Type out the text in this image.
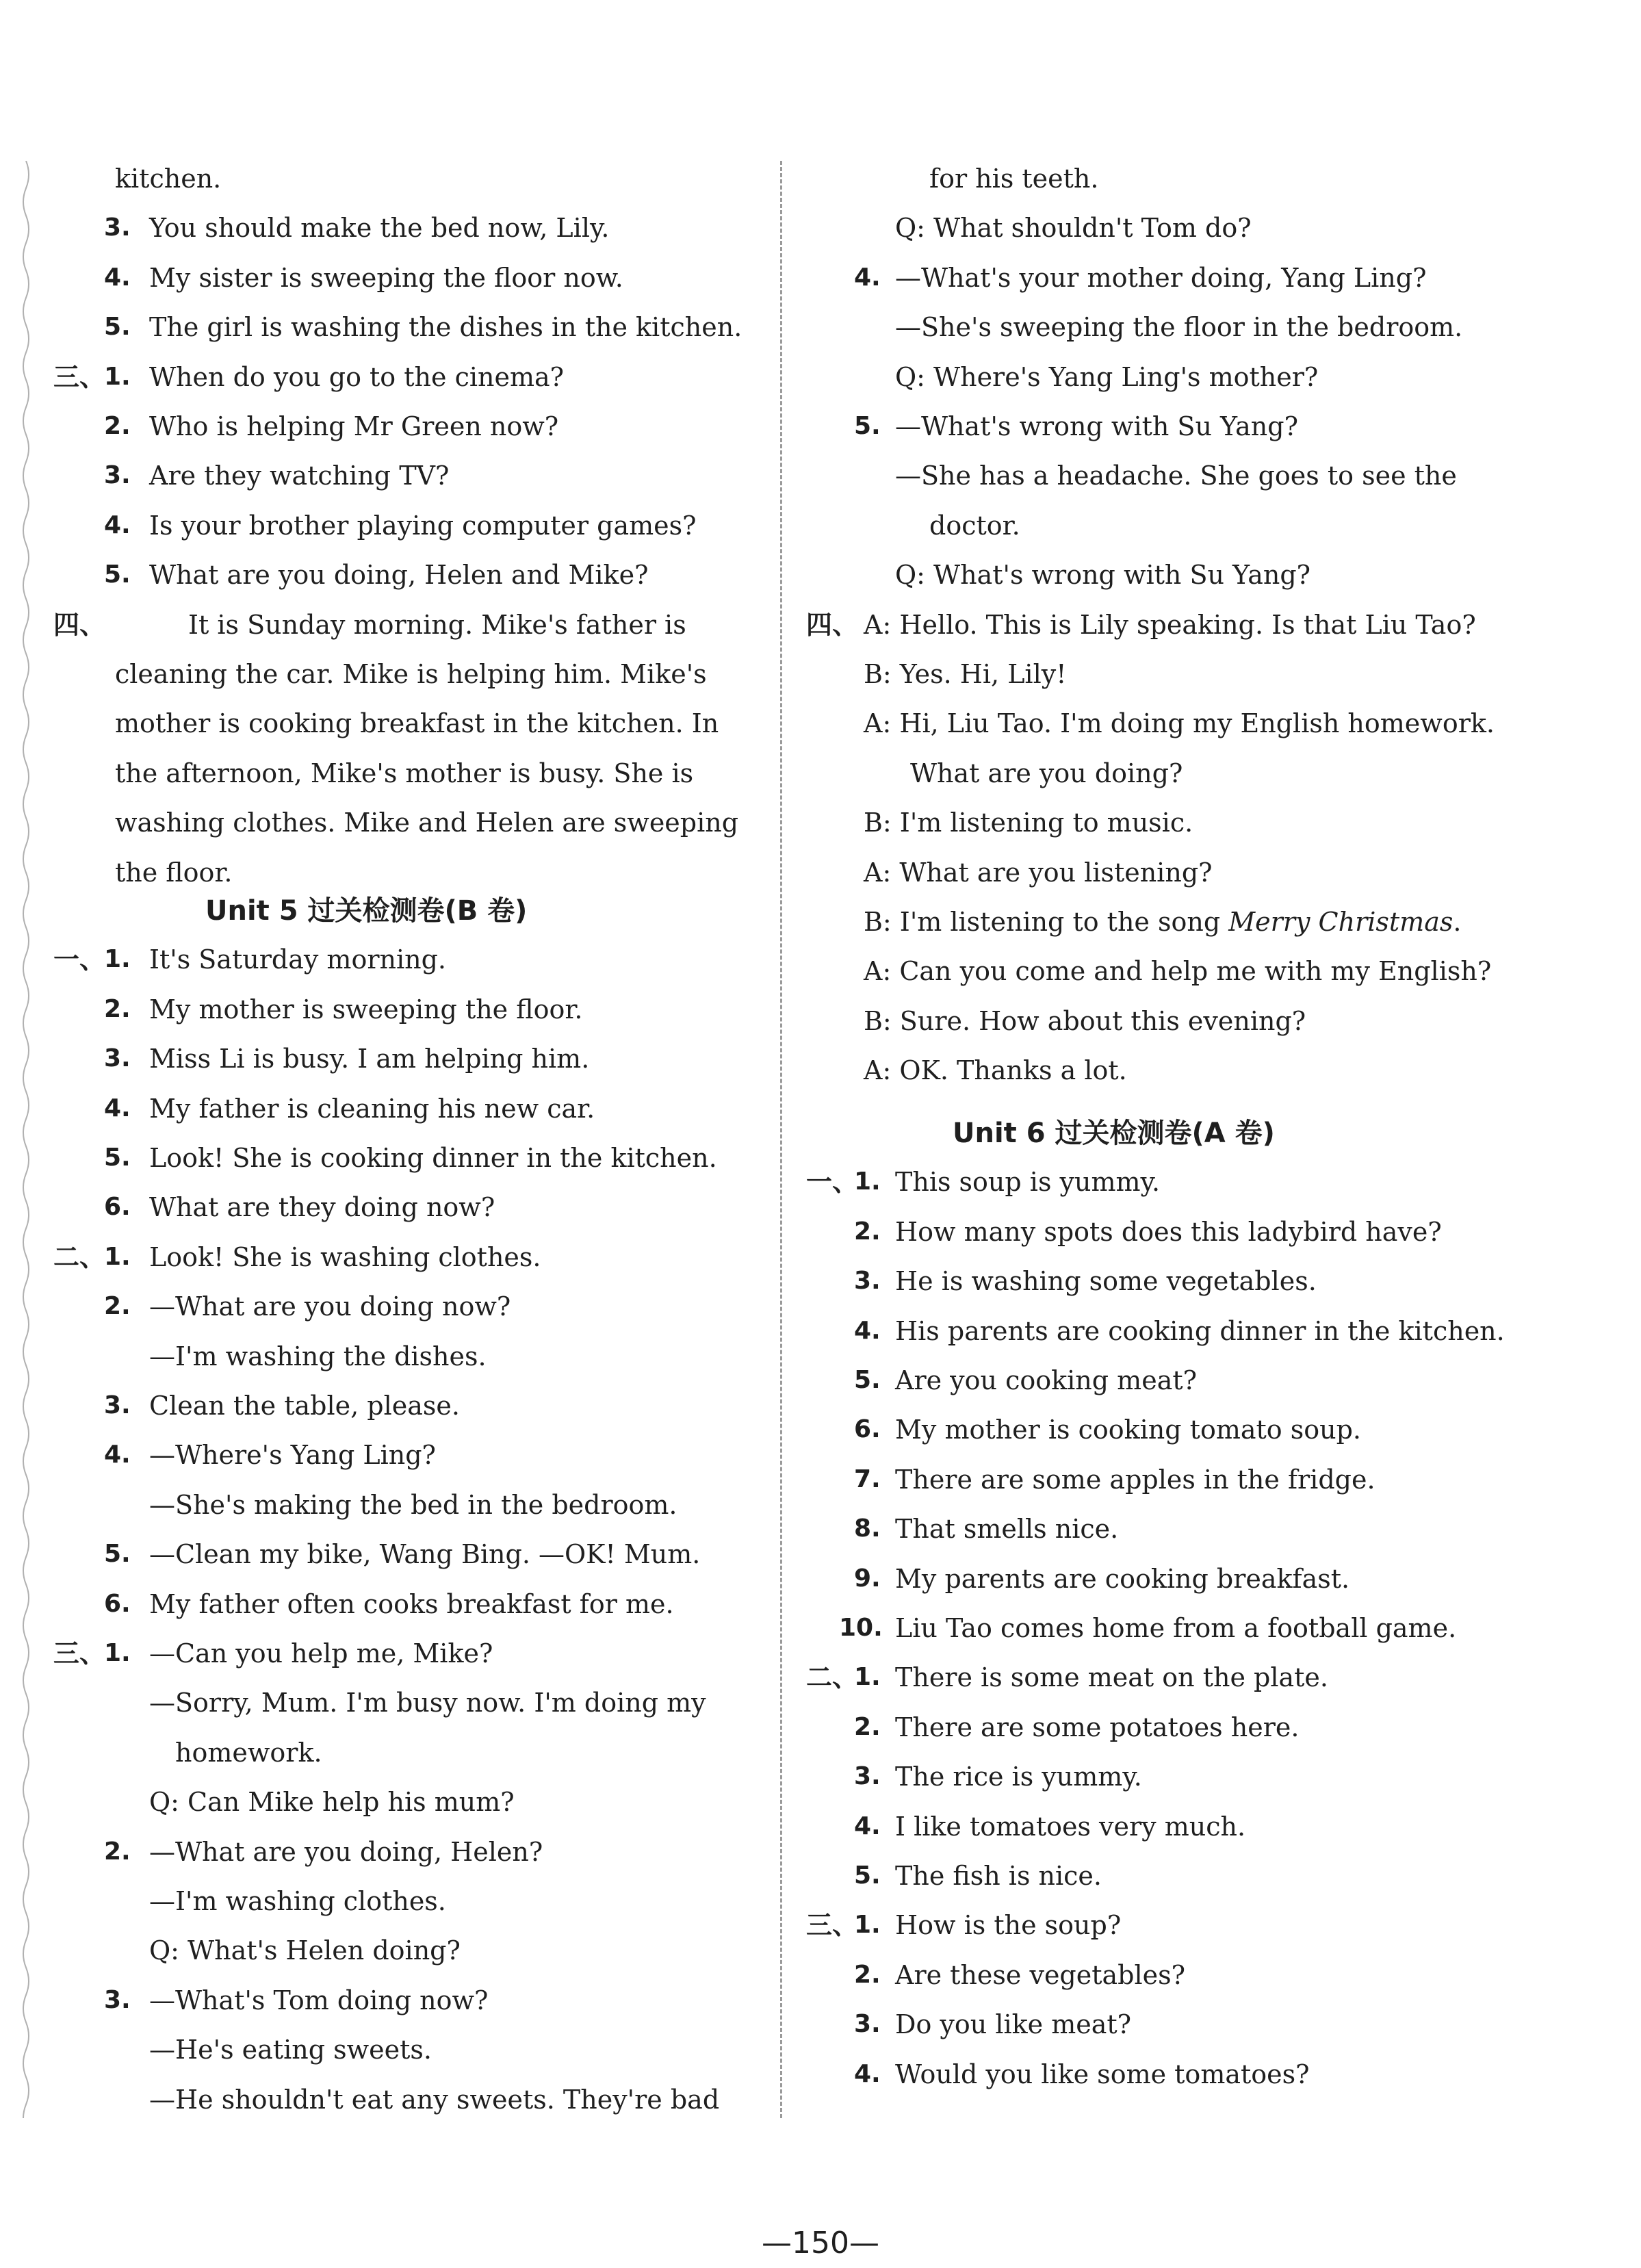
kitchen.
3. You should make the bed now, Lily.
4. My sister is sweeping the floor now.
5. The girl is washing the dishes in the kitchen.
三、
1. When do you go to the cinema?
2. Who is helping Mr Green now?
3. Are they watching TV?
4. Is your brother playing computer games?
5. What are you doing, Helen and Mike?
四、	It is Sunday morning. Mike's father is
cleaning the car. Mike is helping him. Mike's
mother is cooking breakfast in the kitchen. In
the afternoon, Mike's mother is busy. She is
washing clothes. Mike and Helen are sweeping
the floor.
Unit 5 过关检测卷(B 卷)
一、
1. It's Saturday morning.
2. My mother is sweeping the floor.
3. Miss Li is busy. I am helping him.
4. My father is cleaning his new car.
5. Look! She is cooking dinner in the kitchen.
6. What are they doing now?
二、
1. Look! She is washing clothes.
2. —What are you doing now?
—I'm washing the dishes.
3. Clean the table, please.
4. —Where's Yang Ling?
—She's making the bed in the bedroom.
5. —Clean my bike, Wang Bing. —OK! Mum.
6. My father often cooks breakfast for me.
三、
1. —Can you help me, Mike?
—Sorry, Mum. I'm busy now. I'm doing my
homework.
Q: Can Mike help his mum?
2. —What are you doing, Helen?
—I'm washing clothes.
Q: What's Helen doing?
3. —What's Tom doing now?
—He's eating sweets.
—He shouldn't eat any sweets. They're bad
for his teeth.
Q: What shouldn't Tom do?
4. —What's your mother doing, Yang Ling?
—She's sweeping the floor in the bedroom.
Q: Where's Yang Ling's mother?
5. —What's wrong with Su Yang?
—She has a headache. She goes to see the
doctor.
Q: What's wrong with Su Yang?
四、 A: Hello. This is Lily speaking. Is that Liu Tao?
B: Yes. Hi, Lily!
A: Hi, Liu Tao. I'm doing my English homework.
What are you doing?
B: I'm listening to music.
A: What are you listening?
B: I'm listening to the song Merry Christmas.
A: Can you come and help me with my English?
B: Sure. How about this evening?
A: OK. Thanks a lot.
Unit 6 过关检测卷(A 卷)
一、
1. This soup is yummy.
2. How many spots does this ladybird have?
3. He is washing some vegetables.
4. His parents are cooking dinner in the kitchen.
5. Are you cooking meat?
6. My mother is cooking tomato soup.
7. There are some apples in the fridge.
8. That smells nice.
9. My parents are cooking breakfast.
10. Liu Tao comes home from a football game.
二、
1. There is some meat on the plate.
2. There are some potatoes here.
3. The rice is yummy.
4. I like tomatoes very much.
5. The fish is nice.
三、
1. How is the soup?
2. Are these vegetables?
3. Do you like meat?
4. Would you like some tomatoes?
—150—
